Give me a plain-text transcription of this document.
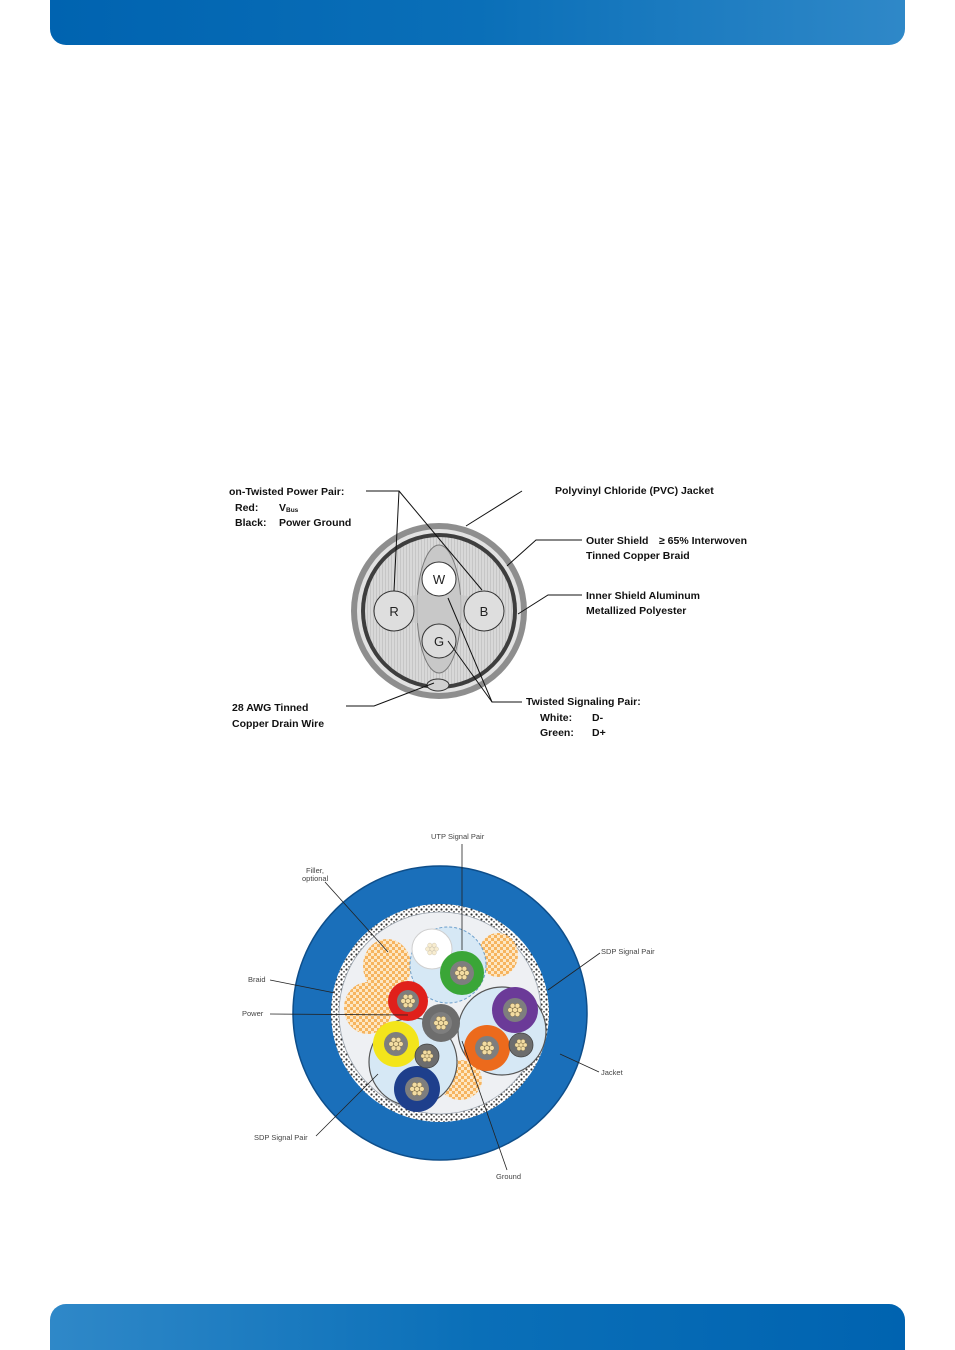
W
R	B
G
on-Twisted Power Pair:
Red: $V_{Bus}$
Black: Power Ground
Polyvinyl Chloride (PVC) Jacket
Outer Shield ≥ 65% Interwoven
Tinned Copper Braid
Inner Shield Aluminum
Metallized Polyester
28 AWG Tinned
Copper Drain Wire
Twisted Signaling Pair:
White: D-
Green: D+
UTP Signal Pair
Filler,
optional
SDP Signal Pair
Braid
Power
Jacket
SDP Signal Pair
Ground
